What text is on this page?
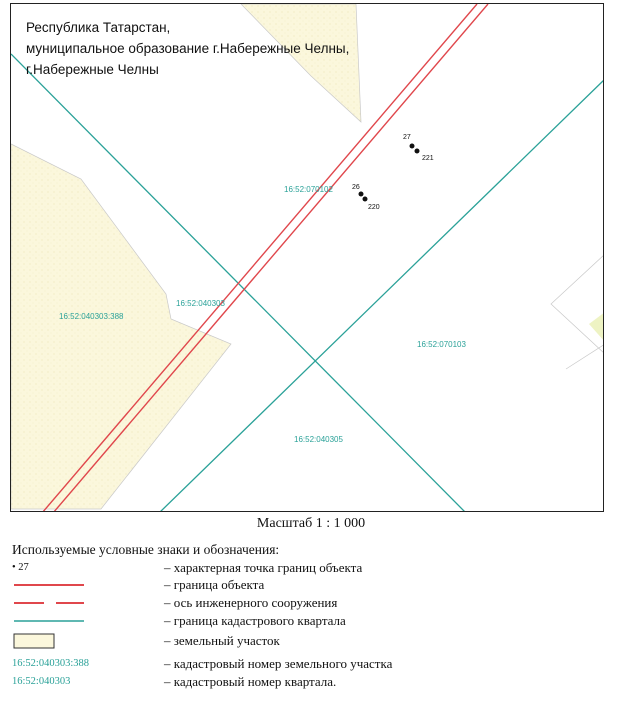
27
221
26
220
16:52:070102
16:52:040303
16:52:040303:388
16:52:070103
16:52:040305
Республика Татарстан,
муниципальное образование г.Набережные Челны,
г.Набережные Челны
Масштаб 1 : 1 000
Используемые условные знаки и обозначения:
• 27	– характерная точка границ объекта
– граница объекта
– ось инженерного сооружения
– граница кадастрового квартала
– земельный участок
16:52:040303:388	– кадастровый номер земельного участка
16:52:040303	– кадастровый номер квартала.
